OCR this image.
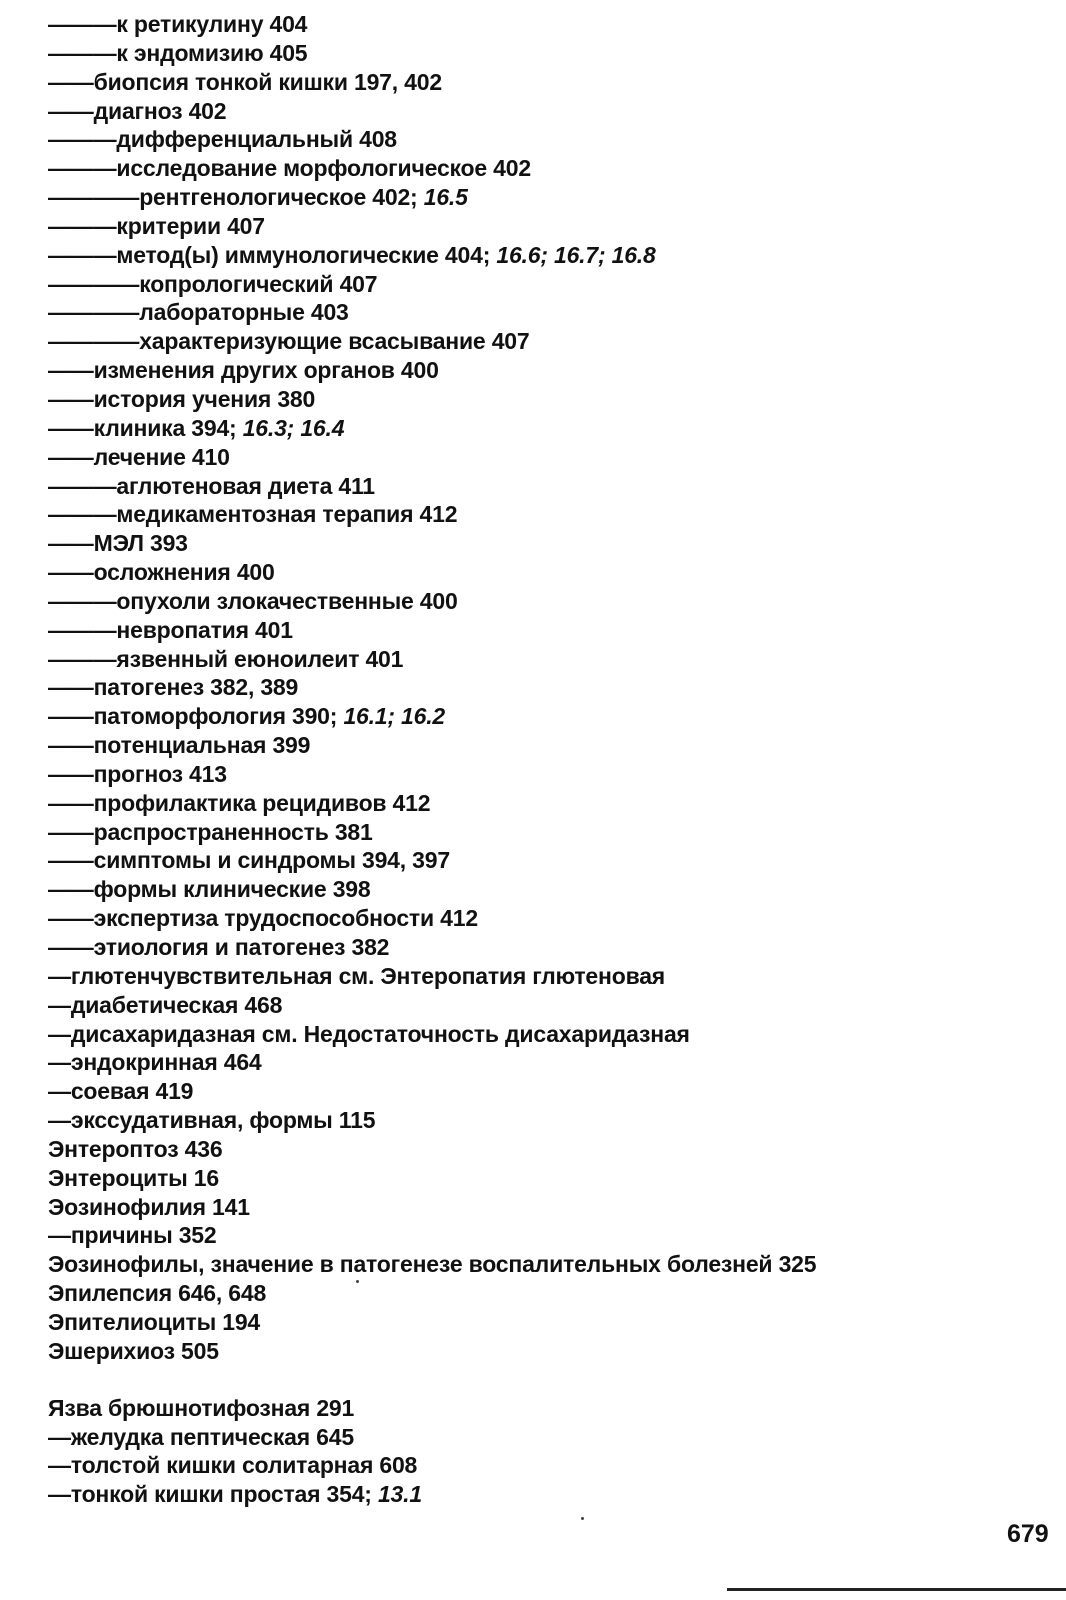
———к ретикулину 404
———к эндомизию 405
——биопсия тонкой кишки 197, 402
——диагноз 402
———дифференциальный 408
———исследование морфологическое 402
————рентгенологическое 402; 16.5
———критерии 407
———метод(ы) иммунологические 404; 16.6; 16.7; 16.8
————копрологический 407
————лабораторные 403
————характеризующие всасывание 407
——изменения других органов 400
——история учения 380
——клиника 394; 16.3; 16.4
——лечение 410
———аглютеновая диета 411
———медикаментозная терапия 412
——МЭЛ 393
——осложнения 400
———опухоли злокачественные 400
———невропатия 401
———язвенный еюноилеит 401
——патогенез 382, 389
——патоморфология 390; 16.1; 16.2
——потенциальная 399
——прогноз 413
——профилактика рецидивов 412
——распространенность 381
——симптомы и синдромы 394, 397
——формы клинические 398
——экспертиза трудоспособности 412
——этиология и патогенез 382
—глютенчувствительная см. Энтеропатия глютеновая
—диабетическая 468
—дисахаридазная см. Недостаточность дисахаридазная
—эндокринная 464
—соевая 419
—экссудативная, формы 115
Энтероптоз 436
Энтероциты 16
Эозинофилия 141
—причины 352
Эозинофилы, значение в патогенезе воспалительных болезней 325
Эпилепсия 646, 648
Эпителиоциты 194
Эшерихиоз 505
Язва брюшнотифозная 291
—желудка пептическая 645
—толстой кишки солитарная 608
—тонкой кишки простая 354; 13.1
679
